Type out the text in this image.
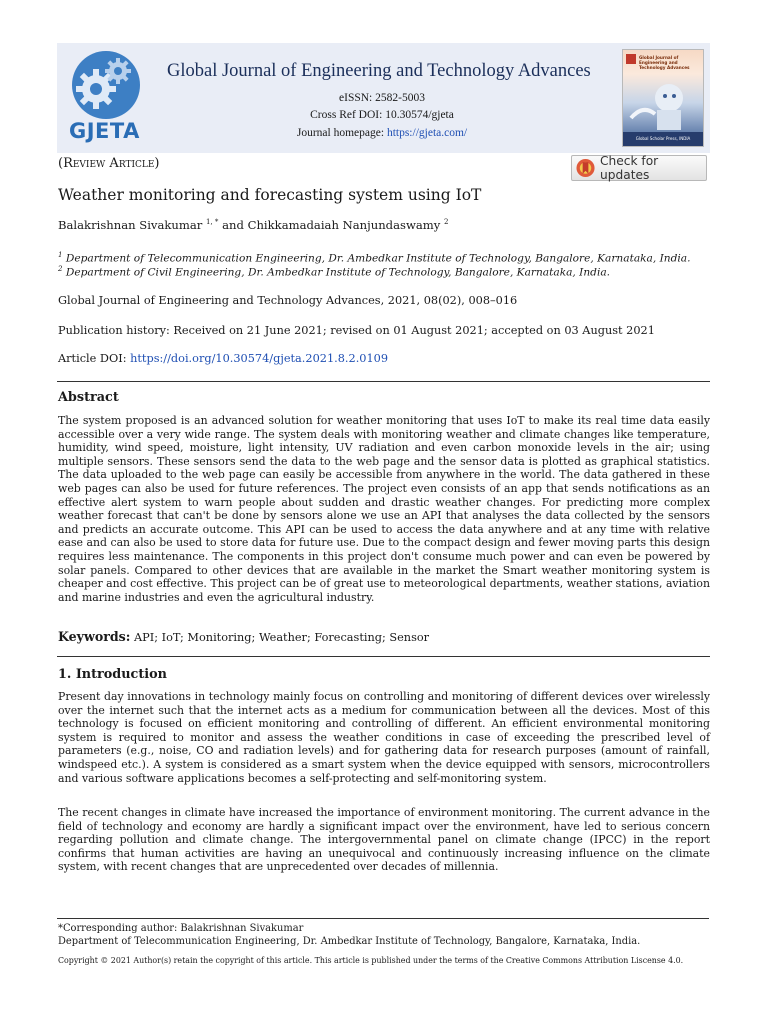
GJETA
Global Journal of Engineering and Technology Advances
eISSN: 2582-5003
Cross Ref DOI: 10.30574/gjeta
Journal homepage: https://gjeta.com/
Global Journal of Engineering and Technology Advances
Global Scholar Press, INDIA
(Review Article)	Check for updates
Weather monitoring and forecasting system using IoT
Balakrishnan Sivakumar $^{1, *}$ and Chikkamadaiah Nanjundaswamy $^2$
$^1$ Department of Telecommunication Engineering, Dr. Ambedkar Institute of Technology, Bangalore, Karnataka, India.
$^2$ Department of Civil Engineering, Dr. Ambedkar Institute of Technology, Bangalore, Karnataka, India.
Global Journal of Engineering and Technology Advances, 2021, 08(02), 008–016
Publication history: Received on 21 June 2021; revised on 01 August 2021; accepted on 03 August 2021
Article DOI: https://doi.org/10.30574/gjeta.2021.8.2.0109
Abstract

The system proposed is an advanced solution for weather monitoring that uses IoT to make its real time data easily accessible over a very wide range. The system deals with monitoring weather and climate changes like temperature, humidity, wind speed, moisture, light intensity, UV radiation and even carbon monoxide levels in the air; using multiple sensors. These sensors send the data to the web page and the sensor data is plotted as graphical statistics. The data uploaded to the web page can easily be accessible from anywhere in the world. The data gathered in these web pages can also be used for future references. The project even consists of an app that sends notifications as an effective alert system to warn people about sudden and drastic weather changes. For predicting more complex weather forecast that can't be done by sensors alone we use an API that analyses the data collected by the sensors and predicts an accurate outcome. This API can be used to access the data anywhere and at any time with relative ease and can also be used to store data for future use. Due to the compact design and fewer moving parts this design requires less maintenance. The components in this project don't consume much power and can even be powered by solar panels. Compared to other devices that are available in the market the Smart weather monitoring system is cheaper and cost effective. This project can be of great use to meteorological departments, weather stations, aviation and marine industries and even the agricultural industry.

Keywords: API; IoT; Monitoring; Weather; Forecasting; Sensor
1. Introduction

Present day innovations in technology mainly focus on controlling and monitoring of different devices over wirelessly over the internet such that the internet acts as a medium for communication between all the devices. Most of this technology is focused on efficient monitoring and controlling of different. An efficient environmental monitoring system is required to monitor and assess the weather conditions in case of exceeding the prescribed level of parameters (e.g., noise, CO and radiation levels) and for gathering data for research purposes (amount of rainfall, windspeed etc.). A system is considered as a smart system when the device equipped with sensors, microcontrollers and various software applications becomes a self-protecting and self-monitoring system.

The recent changes in climate have increased the importance of environment monitoring. The current advance in the field of technology and economy are hardly a significant impact over the environment, have led to serious concern regarding pollution and climate change. The intergovernmental panel on climate change (IPCC) in the report confirms that human activities are having an unequivocal and continuously increasing influence on the climate system, with recent changes that are unprecedented over decades of millennia.

*Corresponding author: Balakrishnan Sivakumar
Department of Telecommunication Engineering, Dr. Ambedkar Institute of Technology, Bangalore, Karnataka, India.
Copyright © 2021 Author(s) retain the copyright of this article. This article is published under the terms of the Creative Commons Attribution Liscense 4.0.
